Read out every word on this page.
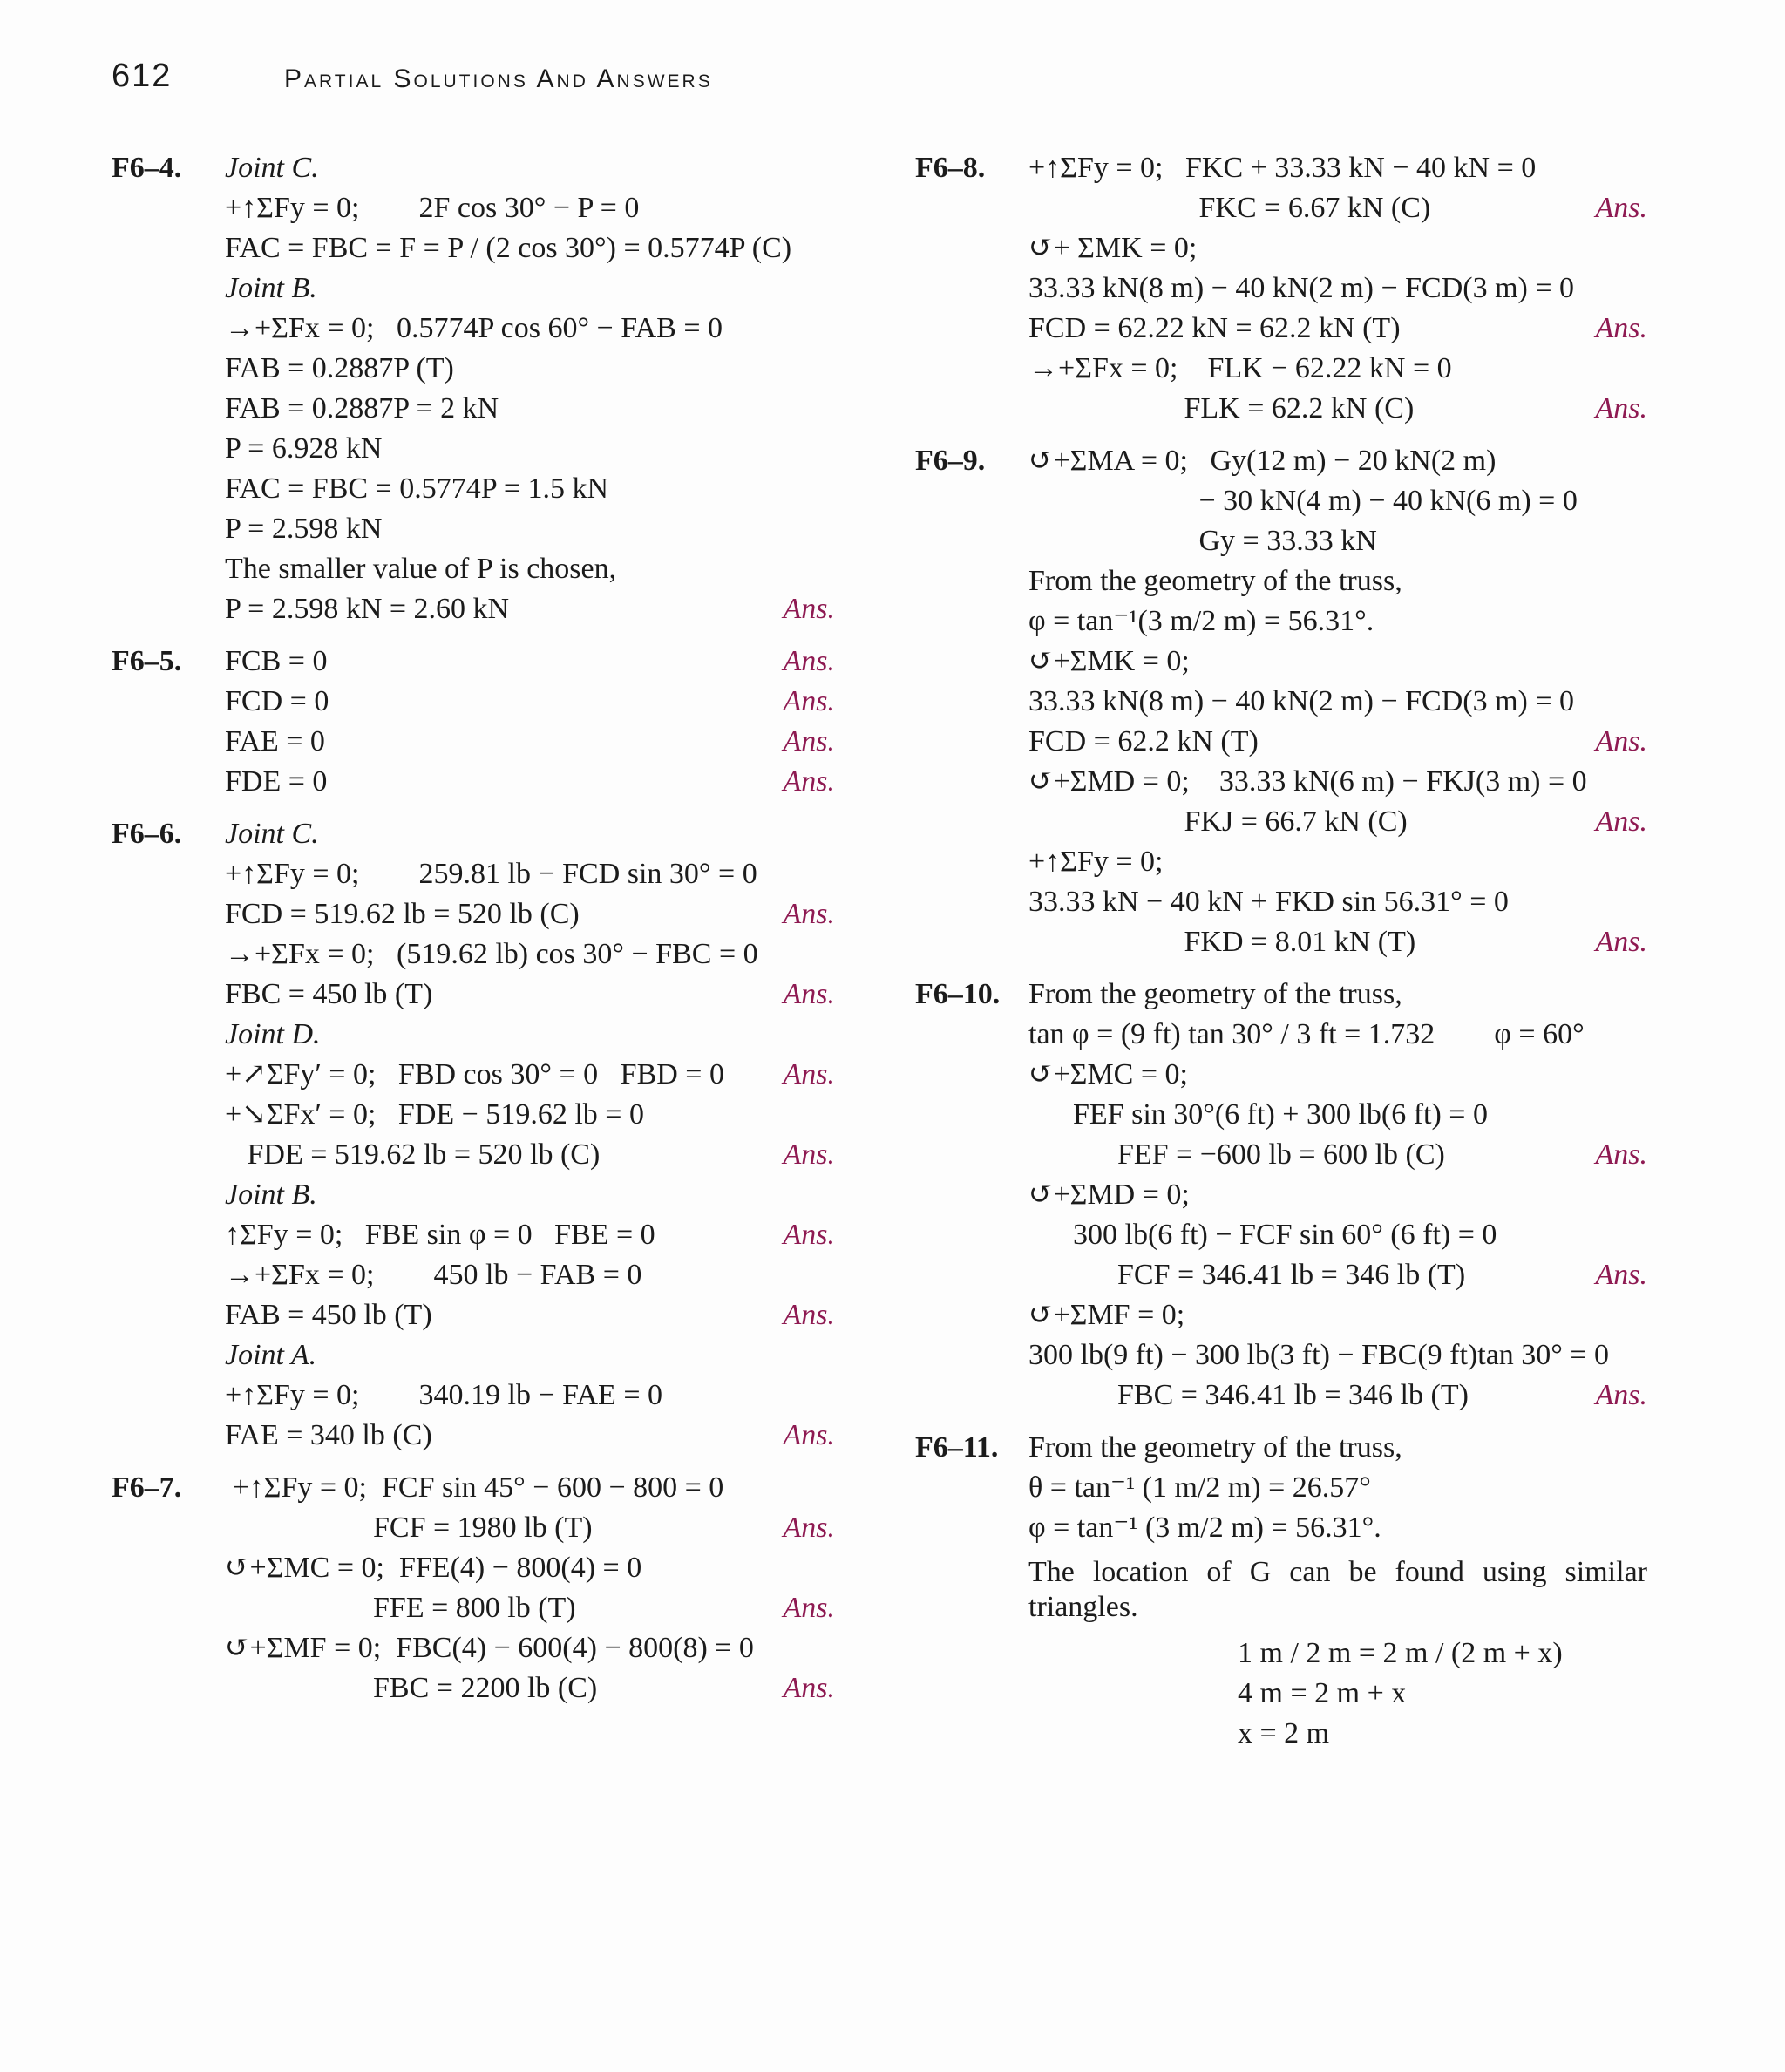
612	Partial Solutions And Answers
F6–4.	Joint C.
+↑ΣFy = 0;        2F cos 30° − P = 0
FAC = FBC = F = P / (2 cos 30°) = 0.5774P (C)
Joint B.
→+ΣFx = 0;   0.5774P cos 60° − FAB = 0
FAB = 0.2887P (T)
FAB = 0.2887P = 2 kN
P = 6.928 kN
FAC = FBC = 0.5774P = 1.5 kN
P = 2.598 kN
The smaller value of P is chosen,
P = 2.598 kN = 2.60 kN	Ans.
F6–5.	FCB = 0	Ans.
FCD = 0	Ans.
FAE = 0	Ans.
FDE = 0	Ans.
F6–6.	Joint C.
+↑ΣFy = 0;        259.81 lb − FCD sin 30° = 0
FCD = 519.62 lb = 520 lb (C)	Ans.
→+ΣFx = 0;   (519.62 lb) cos 30° − FBC = 0
FBC = 450 lb (T)	Ans.
Joint D.
+↗ΣFy′ = 0;   FBD cos 30° = 0   FBD = 0 Ans.
+↘ΣFx′ = 0;   FDE − 519.62 lb = 0
FDE = 519.62 lb = 520 lb (C)	Ans.
Joint B.
↑ΣFy = 0;   FBE sin φ = 0   FBE = 0	Ans.
→+ΣFx = 0;        450 lb − FAB = 0
FAB = 450 lb (T)	Ans.
Joint A.
+↑ΣFy = 0;        340.19 lb − FAE = 0
FAE = 340 lb (C)	Ans.
F6–7.	+↑ΣFy = 0;  FCF sin 45° − 600 − 800 = 0
FCF = 1980 lb (T)	Ans.
↺+ΣMC = 0;  FFE(4) − 800(4) = 0
FFE = 800 lb (T)	Ans.
↺+ΣMF = 0;  FBC(4) − 600(4) − 800(8) = 0
FBC = 2200 lb (C)	Ans.
F6–8.	+↑ΣFy = 0;   FKC + 33.33 kN − 40 kN = 0
FKC = 6.67 kN (C)	Ans.
↺+ ΣMK = 0;
33.33 kN(8 m) − 40 kN(2 m) − FCD(3 m) = 0
FCD = 62.22 kN = 62.2 kN (T)	Ans.
→+ΣFx = 0;    FLK − 62.22 kN = 0
FLK = 62.2 kN (C)	Ans.
F6–9.	↺+ΣMA = 0;   Gy(12 m) − 20 kN(2 m)
− 30 kN(4 m) − 40 kN(6 m) = 0
Gy = 33.33 kN
From the geometry of the truss,
φ = tan⁻¹(3 m/2 m) = 56.31°.
↺+ΣMK = 0;
33.33 kN(8 m) − 40 kN(2 m) − FCD(3 m) = 0
FCD = 62.2 kN (T)	Ans.
↺+ΣMD = 0;    33.33 kN(6 m) − FKJ(3 m) = 0
FKJ = 66.7 kN (C)	Ans.
+↑ΣFy = 0;
33.33 kN − 40 kN + FKD sin 56.31° = 0
FKD = 8.01 kN (T)	Ans.
F6–10. From the geometry of the truss,
tan φ = (9 ft) tan 30° / 3 ft = 1.732        φ = 60°
↺+ΣMC = 0;
FEF sin 30°(6 ft) + 300 lb(6 ft) = 0
FEF = −600 lb = 600 lb (C)	Ans.
↺+ΣMD = 0;
300 lb(6 ft) − FCF sin 60° (6 ft) = 0
FCF = 346.41 lb = 346 lb (T)	Ans.
↺+ΣMF = 0;
300 lb(9 ft) − 300 lb(3 ft) − FBC(9 ft)tan 30° = 0
FBC = 346.41 lb = 346 lb (T)	Ans.
F6–11.	From the geometry of the truss,
θ = tan⁻¹ (1 m/2 m) = 26.57°
φ = tan⁻¹ (3 m/2 m) = 56.31°.
The location of G can be found using similar triangles.
1 m / 2 m = 2 m / (2 m + x)
4 m = 2 m + x
x = 2 m
